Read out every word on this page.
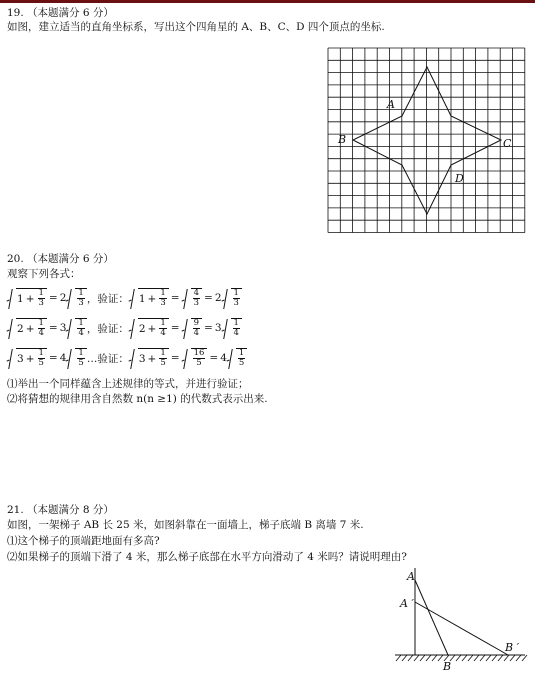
19. （本题满分 6 分）
如图，建立适当的直角坐标系，写出这个四角星的 A、B、C、D 四个顶点的坐标.
A
B	C
D
20. （本题满分 6 分）
观察下列各式：
$1 + \frac{1}{3} = 2 \frac{1}{3}$ ，验证： $1 + \frac{1}{3} = \frac{4}{3} = 2 \frac{1}{3}$
$2 + \frac{1}{4} = 3 \frac{1}{4}$ ，验证： $2 + \frac{1}{4} = \frac{9}{4} = 3 \frac{1}{4}$
$3 + \frac{1}{5} = 4 \frac{1}{5}$ …验证： $3 + \frac{1}{5} = \frac{16}{5} = 4 \frac{1}{5}$
⑴举出一个同样蕴含上述规律的等式，并进行验证；
⑵将猜想的规律用含自然数 n(n ≥1) 的代数式表示出来.
21. （本题满分 8 分）
如图，一架梯子 AB 长 25 米，如图斜靠在一面墙上，梯子底端 B 离墙 7 米.
⑴这个梯子的顶端距地面有多高?
⑵如果梯子的顶端下滑了 4 米，那么梯子底部在水平方向滑动了 4 米吗？请说明理由?
A
A ′
B
B ′
